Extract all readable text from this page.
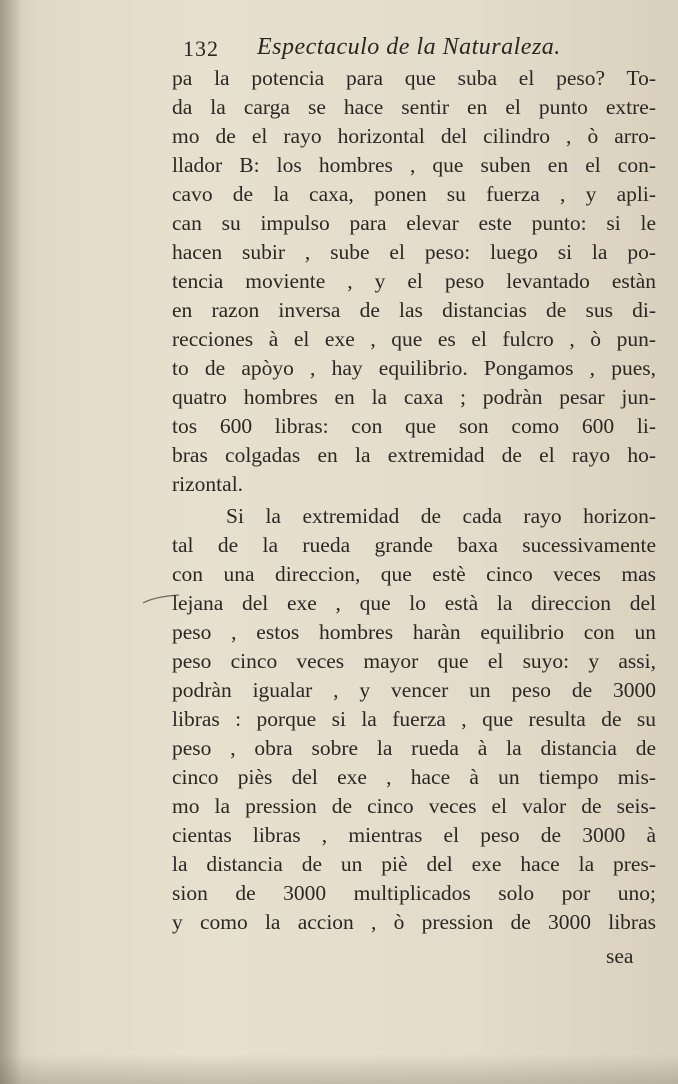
132 Espectaculo de la Naturaleza.
pa la potencia para que suba el peso? To-
da la carga se hace sentir en el punto extre-
mo de el rayo horizontal del cilindro , ò arro-
llador B: los hombres , que suben en el con-
cavo de la caxa, ponen su fuerza , y apli-
can su impulso para elevar este punto: si le
hacen subir , sube el peso: luego si la po-
tencia moviente , y el peso levantado estàn
en razon inversa de las distancias de sus di-
recciones à el exe , que es el fulcro , ò pun-
to de apòyo , hay equilibrio. Pongamos , pues,
quatro hombres en la caxa ; podràn pesar jun-
tos 600 libras: con que son como 600 li-
bras colgadas en la extremidad de el rayo ho-
rizontal.
Si la extremidad de cada rayo horizon-
tal de la rueda grande baxa sucessivamente
con una direccion, que estè cinco veces mas
lejana del exe , que lo està la direccion del
peso , estos hombres haràn equilibrio con un
peso cinco veces mayor que el suyo: y assi,
podràn igualar , y vencer un peso de 3000
libras : porque si la fuerza , que resulta de su
peso , obra sobre la rueda à la distancia de
cinco piès del exe , hace à un tiempo mis-
mo la pression de cinco veces el valor de seis-
cientas libras , mientras el peso de 3000 à
la distancia de un piè del exe hace la pres-
sion de 3000 multiplicados solo por uno;
y como la accion , ò pression de 3000 libras
sea
